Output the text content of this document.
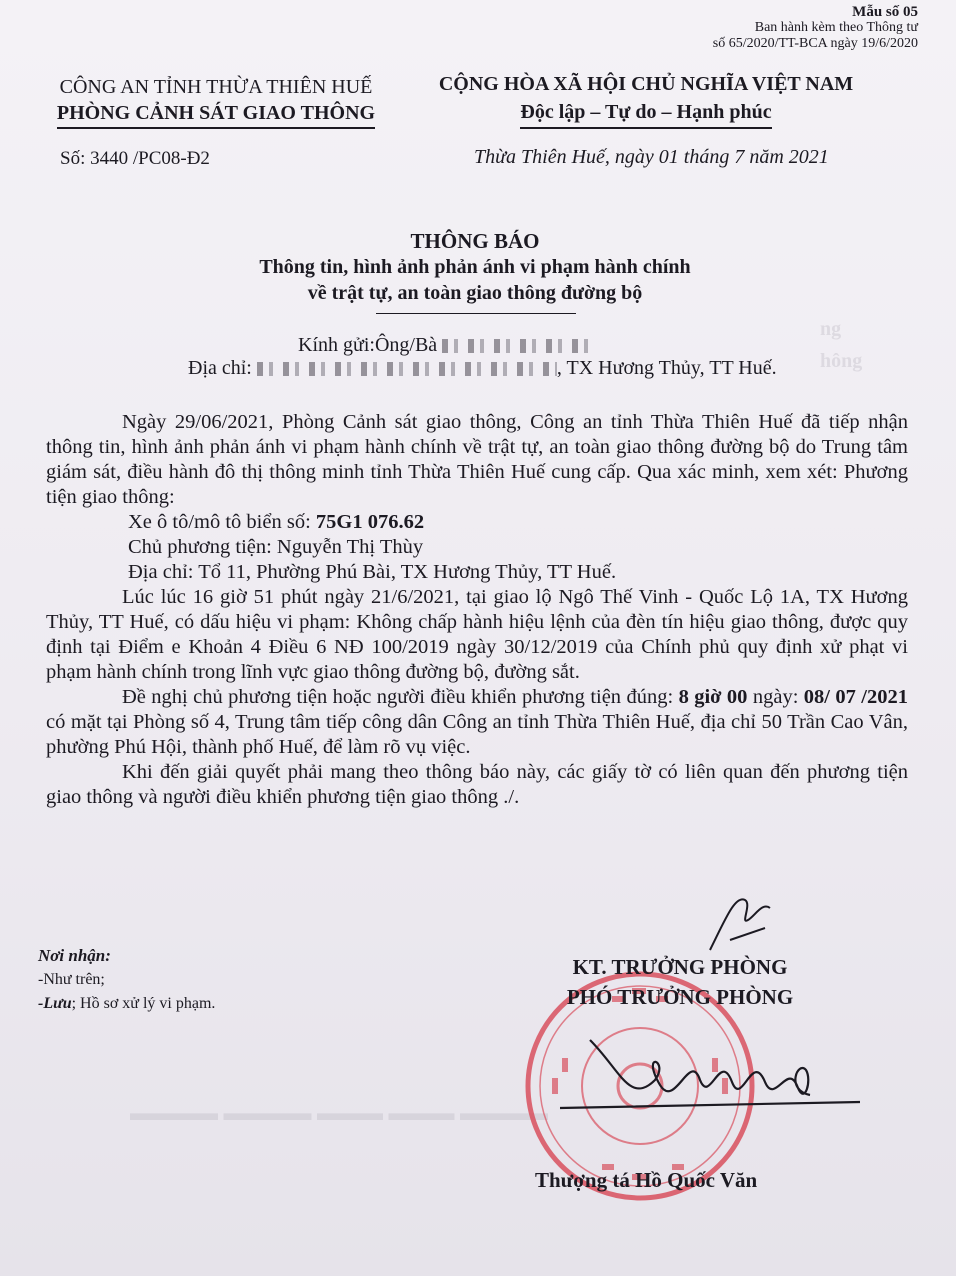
ng
hông
▬▬▬▬ ▬▬▬▬ ▬▬▬ ▬▬▬ ▬▬▬▬
Mẫu số 05
Ban hành kèm theo Thông tư
số 65/2020/TT-BCA ngày 19/6/2020
CÔNG AN TỈNH THỪA THIÊN HUẾ
PHÒNG CẢNH SÁT GIAO THÔNG
CỘNG HÒA XÃ HỘI CHỦ NGHĨA VIỆT NAM
Độc lập – Tự do – Hạnh phúc
Số: 3440 /PC08-Đ2	Thừa Thiên Huế, ngày 01 tháng 7 năm 2021
THÔNG BÁO
Thông tin, hình ảnh phản ánh vi phạm hành chính
về trật tự, an toàn giao thông đường bộ
Kính gửi:Ông/Bà
Địa chỉ:	, TX Hương Thủy, TT Huế.

Ngày 29/06/2021, Phòng Cảnh sát giao thông, Công an tỉnh Thừa Thiên Huế đã tiếp nhận thông tin, hình ảnh phản ánh vi phạm hành chính về trật tự, an toàn giao thông đường bộ do Trung tâm giám sát, điều hành đô thị thông minh tỉnh Thừa Thiên Huế cung cấp. Qua xác minh, xem xét: Phương tiện giao thông:

Xe ô tô/mô tô biển số: 75G1 076.62

Chủ phương tiện: Nguyễn Thị Thùy

Địa chỉ: Tổ 11, Phường Phú Bài, TX Hương Thủy, TT Huế.

Lúc lúc 16 giờ 51 phút ngày 21/6/2021, tại giao lộ Ngô Thế Vinh - Quốc Lộ 1A, TX Hương Thủy, TT Huế, có dấu hiệu vi phạm: Không chấp hành hiệu lệnh của đèn tín hiệu giao thông, được quy định tại Điểm e Khoản 4 Điều 6 NĐ 100/2019 ngày 30/12/2019 của Chính phủ quy định xử phạt vi phạm hành chính trong lĩnh vực giao thông đường bộ, đường sắt.

Đề nghị chủ phương tiện hoặc người điều khiển phương tiện đúng: 8 giờ 00 ngày: 08/ 07 /2021 có mặt tại Phòng số 4, Trung tâm tiếp công dân Công an tỉnh Thừa Thiên Huế, địa chỉ 50 Trần Cao Vân, phường Phú Hội, thành phố Huế, để làm rõ vụ việc.

Khi đến giải quyết phải mang theo thông báo này, các giấy tờ có liên quan đến phương tiện giao thông và người điều khiển phương tiện giao thông ./.

Nơi nhận:
-Như trên;
-Lưu; Hồ sơ xử lý vi phạm.
KT. TRƯỞNG PHÒNG
PHÓ TRƯỞNG PHÒNG
Thượng tá Hồ Quốc Văn
